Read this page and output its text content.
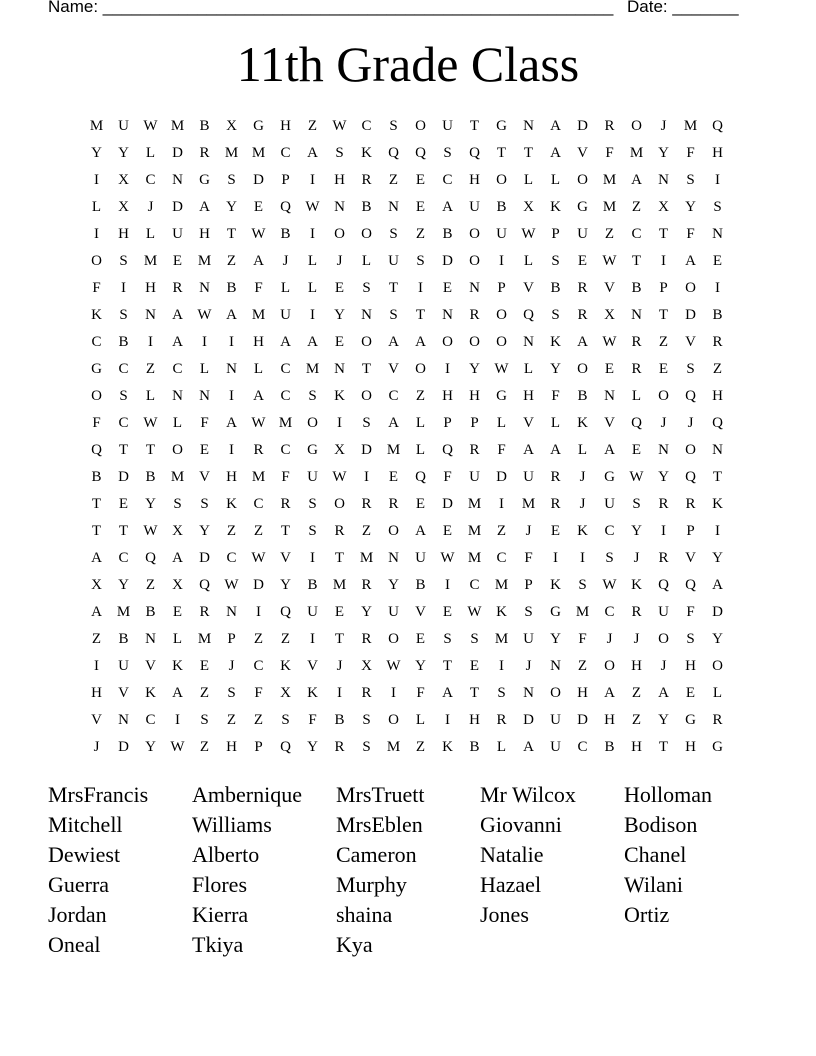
Name: ______________________________________________________ Date: _______
11th Grade Class
M U W M	B	X	G	H	Z	W C	S	O	U	T	G	N	A	D	R	O	J	M Q
Y	Y	L	D	R	M M	C	A	S	K	Q	Q	S	Q	T	T	A	V	F	M Y	F	H
I	X	C	N	G	S	D	P	I	H	R	Z	E	C	H	O	L	L	O M A	N	S	I
L	X	J	D	A	Y	E	Q W N	B	N	E	A	U	B	X	K	G M	Z	X	Y	S
I	H	L	U	H	T	W B	I	O	O	S	Z	B	O	U W	P	U	Z	C	T	F	N
O	S	M	E	M	Z	A	J	L	J	L	U	S	D	O	I	L	S	E	W	T	I	A	E
F	I	H	R	N	B	F	L	L	E	S	T	I	E	N	P	V	B	R	V	B	P	O	I
K	S	N	A W A M U	I	Y	N	S	T	N	R	O	Q	S	R	X	N	T	D	B
C	B	I	A	I	I	H	A	A	E	O	A	A	O	O	O	N	K	A W R	Z	V	R
G	C	Z	C	L	N	L	C	M N	T	V	O	I	Y W	L	Y	O	E	R	E	S	Z
O	S	L	N	N	I	A	C	S	K	O	C	Z	H	H	G	H	F	B	N	L	O	Q	H
F	C W	L	F	A W M O	I	S	A	L	P	P	L	V	L	K	V	Q	J	J	Q
Q	T	T	O	E	I	R	C	G	X	D M	L	Q	R	F	A	A	L	A	E	N	O	N
B	D	B	M V	H M	F	U W	I	E	Q	F	U	D	U	R	J	G W Y	Q	T
T	E	Y	S	S	K	C	R	S	O	R	R	E	D M	I	M	R	J	U	S	R	R	K
T	T	W X	Y	Z	Z	T	S	R	Z	O	A	E	M	Z	J	E	K	C	Y	I	P	I
A	C	Q	A	D	C W V	I	T	M N	U W M	C	F	I	I	S	J	R	V	Y
X	Y	Z	X	Q W D	Y	B	M	R	Y	B	I	C	M	P	K	S	W K	Q	Q	A
A M	B	E	R	N	I	Q	U	E	Y	U	V	E	W K	S	G M	C	R	U	F	D
Z	B	N	L	M	P	Z	Z	I	T	R	O	E	S	S	M U	Y	F	J	J	O	S	Y
I	U	V	K	E	J	C	K	V	J	X W Y	T	E	I	J	N	Z	O	H	J	H	O
H	V	K	A	Z	S	F	X	K	I	R	I	F	A	T	S	N	O	H	A	Z	A	E	L
V	N	C	I	S	Z	Z	S	F	B	S	O	L	I	H	R	D	U	D	H	Z	Y	G	R
J	D	Y W	Z	H	P	Q	Y	R	S	M	Z	K	B	L	A	U	C	B	H	T	H	G
MrsFrancis	Ambernique	MrsTruett	Mr Wilcox	Holloman
Mitchell	Williams	MrsEblen	Giovanni	Bodison
Dewiest	Alberto	Cameron	Natalie	Chanel
Guerra	Flores	Murphy	Hazael	Wilani
Jordan	Kierra	shaina	Jones	Ortiz
Oneal	Tkiya	Kya
